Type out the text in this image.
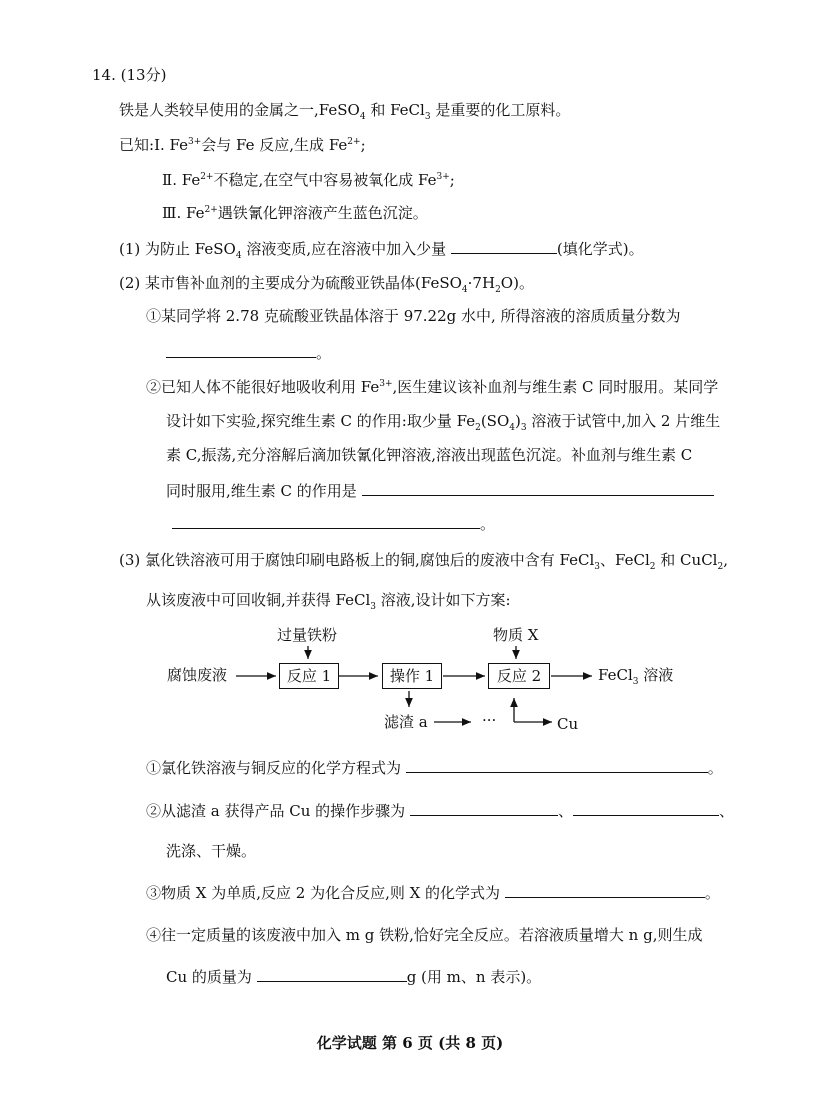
14. (13分)
铁是人类较早使用的金属之一,FeSO$_4$ 和 FeCl$_3$ 是重要的化工原料。
已知:Ⅰ. $Fe^{3+}$会与 Fe 反应,生成 $Fe^{2+}$;
Ⅱ. $Fe^{2+}$不稳定,在空气中容易被氧化成 $Fe^{3+}$;
Ⅲ. $Fe^{2+}$遇铁氰化钾溶液产生蓝色沉淀。
(1) 为防止 FeSO$_4$ 溶液变质,应在溶液中加入少量	(填化学式)。
(2) 某市售补血剂的主要成分为硫酸亚铁晶体$(FeSO_4\cdot 7H_2O)$。
①某同学将 2.78 克硫酸亚铁晶体溶于 97.22g 水中, 所得溶液的溶质质量分数为
。
②已知人体不能很好地吸收利用 $Fe^{3+}$,医生建议该补血剂与维生素 C 同时服用。某同学
设计如下实验,探究维生素 C 的作用:取少量 $Fe_2(SO_4)_3$ 溶液于试管中,加入 2 片维生
素 C,振荡,充分溶解后滴加铁氰化钾溶液,溶液出现蓝色沉淀。补血剂与维生素 C
同时服用,维生素 C 的作用是
。
(3) 氯化铁溶液可用于腐蚀印刷电路板上的铜,腐蚀后的废液中含有 FeCl$_3$、FeCl$_2$ 和 CuCl$_2$,
从该废液中可回收铜,并获得 FeCl$_3$ 溶液,设计如下方案:
腐蚀废液
过量铁粉
反应 1	操作 1
物质 X
反应 2	FeCl$_3$ 溶液
滤渣 a	···	Cu
①氯化铁溶液与铜反应的化学方程式为	。
②从滤渣 a 获得产品 Cu 的操作步骤为	、	、
洗涤、干燥。
③物质 X 为单质,反应 2 为化合反应,则 X 的化学式为	。
④往一定质量的该废液中加入 m g 铁粉,恰好完全反应。若溶液质量增大 n g,则生成
Cu 的质量为	g (用 m、n 表示)。
化学试题 第 6 页 (共 8 页)
